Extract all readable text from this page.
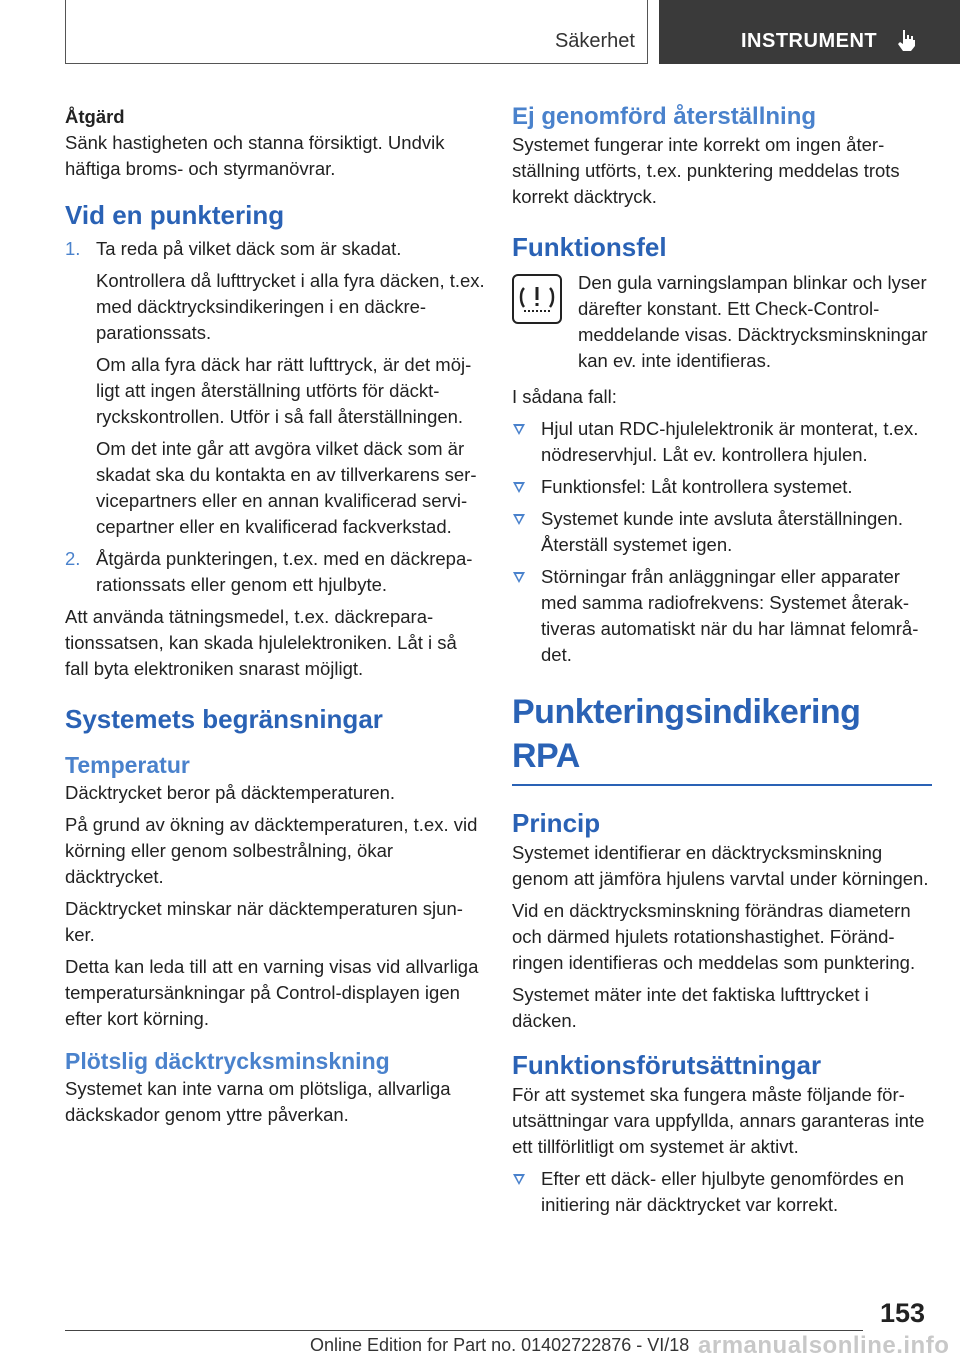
Säkerhet	INSTRUMENT

Åtgärd

Sänk hastigheten och stanna försiktigt. Undvik häftiga broms- och styrmanövrar.

Vid en punktering
1. Ta reda på vilket däck som är skadat.

Kontrollera då lufttrycket i alla fyra däcken, t.ex. med däcktrycksindikeringen i en däckreparationssats.

Om alla fyra däck har rätt lufttryck, är det möjligt att ingen återställning utförts för däcktryckskontrollen. Utför i så fall återställningen.

Om det inte går att avgöra vilket däck som är skadat ska du kontakta en av tillverkarens servicepartners eller en annan kvalificerad servicepartner eller en kvalificerad fackverkstad.

2. Åtgärda punkteringen, t.ex. med en däckreparationssats eller genom ett hjulbyte.

Att använda tätningsmedel, t.ex. däckreparationssatsen, kan skada hjulelektroniken. Låt i så fall byta elektroniken snarast möjligt.

Systemets begränsningar
Temperatur

Däcktrycket beror på däcktemperaturen.

På grund av ökning av däcktemperaturen, t.ex. vid körning eller genom solbestrålning, ökar däcktrycket.

Däcktrycket minskar när däcktemperaturen sjunker.

Detta kan leda till att en varning visas vid allvarliga temperatursänkningar på Control-displayen igen efter kort körning.

Plötslig däcktrycksminskning

Systemet kan inte varna om plötsliga, allvarliga däckskador genom yttre påverkan.

Ej genomförd återställning

Systemet fungerar inte korrekt om ingen återställning utförts, t.ex. punktering meddelas trots korrekt däcktryck.

Funktionsfel

Den gula varningslampan blinkar och lyser därefter konstant. Ett Check-Control-meddelande visas. Däcktrycksminskningar kan ev. inte identifieras.

I sådana fall:

Hjul utan RDC-hjulelektronik är monterat, t.ex. nödreservhjul. Låt ev. kontrollera hjulen.

Funktionsfel: Låt kontrollera systemet.

Systemet kunde inte avsluta återställningen. Återställ systemet igen.

Störningar från anläggningar eller apparater med samma radiofrekvens: Systemet återaktiveras automatiskt när du har lämnat felområdet.

Punkteringsindikering RPA
Princip

Systemet identifierar en däcktrycksminskning genom att jämföra hjulens varvtal under körningen.

Vid en däcktrycksminskning förändras diametern och därmed hjulets rotationshastighet. Förändringen identifieras och meddelas som punktering.

Systemet mäter inte det faktiska lufttrycket i däcken.

Funktionsförutsättningar

För att systemet ska fungera måste följande förutsättningar vara uppfyllda, annars garanteras inte ett tillförlitligt om systemet är aktivt.

Efter ett däck- eller hjulbyte genomfördes en initiering när däcktrycket var korrekt.

153
Online Edition for Part no. 01402722876 - VI/18 armanualsonline.info
